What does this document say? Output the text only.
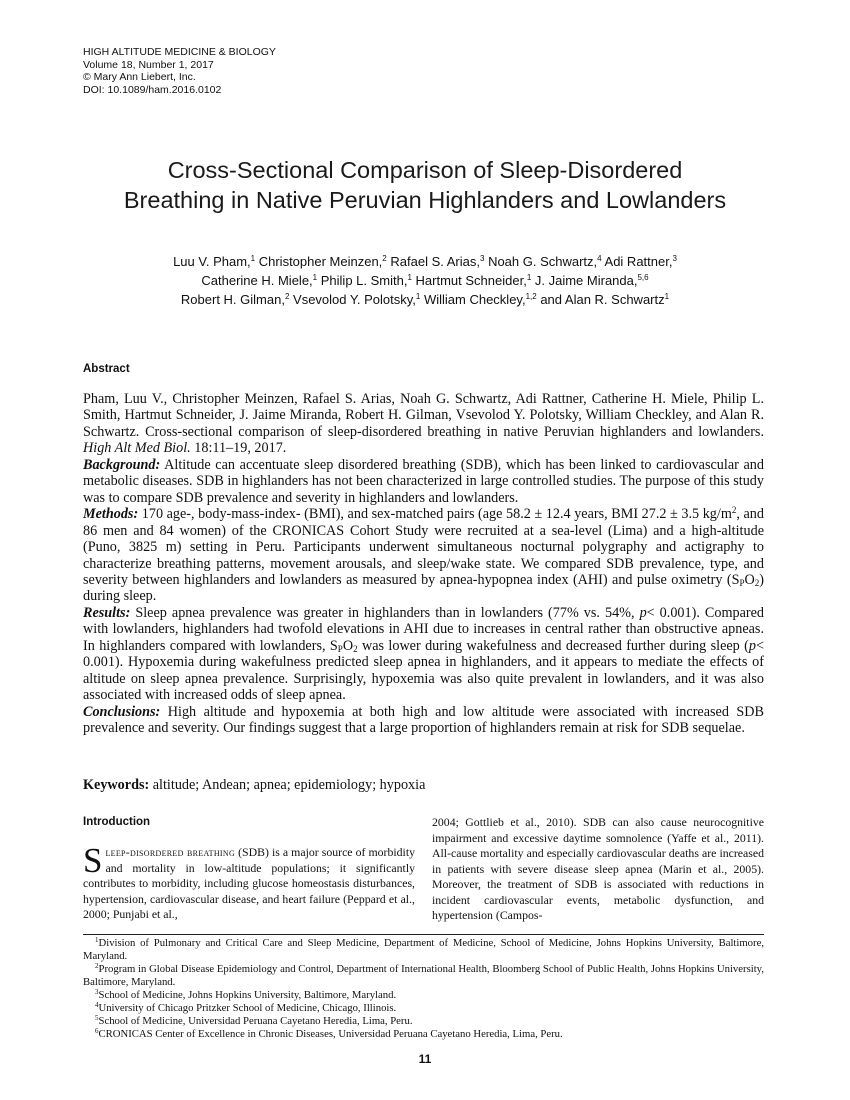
HIGH ALTITUDE MEDICINE & BIOLOGY
Volume 18, Number 1, 2017
© Mary Ann Liebert, Inc.
DOI: 10.1089/ham.2016.0102
Cross-Sectional Comparison of Sleep-Disordered
Breathing in Native Peruvian Highlanders and Lowlanders
Luu V. Pham,$^1$ Christopher Meinzen,$^2$ Rafael S. Arias,$^3$ Noah G. Schwartz,$^4$ Adi Rattner,$^3$
Catherine H. Miele,$^1$ Philip L. Smith,$^1$ Hartmut Schneider,$^1$ J. Jaime Miranda,$^{5,6}$
Robert H. Gilman,$^2$ Vsevolod Y. Polotsky,$^1$ William Checkley,$^{1,2}$ and Alan R. Schwartz$^1$
Abstract

Pham, Luu V., Christopher Meinzen, Rafael S. Arias, Noah G. Schwartz, Adi Rattner, Catherine H. Miele, Philip L. Smith, Hartmut Schneider, J. Jaime Miranda, Robert H. Gilman, Vsevolod Y. Polotsky, William Checkley, and Alan R. Schwartz. Cross-sectional comparison of sleep-disordered breathing in native Peruvian highlanders and lowlanders. High Alt Med Biol. 18:11–19, 2017.

Background: Altitude can accentuate sleep disordered breathing (SDB), which has been linked to cardiovascular and metabolic diseases. SDB in highlanders has not been characterized in large controlled studies. The purpose of this study was to compare SDB prevalence and severity in highlanders and lowlanders.

Methods: 170 age-, body-mass-index- (BMI), and sex-matched pairs (age 58.2 ± 12.4 years, BMI 27.2 ± 3.5 $kg/m^2$, and 86 men and 84 women) of the CRONICAS Cohort Study were recruited at a sea-level (Lima) and a high-altitude (Puno, 3825 m) setting in Peru. Participants underwent simultaneous nocturnal polygraphy and actigraphy to characterize breathing patterns, movement arousals, and sleep/wake state. We compared SDB prevalence, type, and severity between highlanders and lowlanders as measured by apnea-hypopnea index (AHI) and pulse oximetry $(S_PO_2)$ during sleep.

Results: Sleep apnea prevalence was greater in highlanders than in lowlanders (77% vs. 54%, p< 0.001). Compared with lowlanders, highlanders had twofold elevations in AHI due to increases in central rather than obstructive apneas. In highlanders compared with lowlanders, $S_PO_2$ was lower during wakefulness and decreased further during sleep (p< 0.001). Hypoxemia during wakefulness predicted sleep apnea in highlanders, and it appears to mediate the effects of altitude on sleep apnea prevalence. Surprisingly, hypoxemia was also quite prevalent in lowlanders, and it was also associated with increased odds of sleep apnea.

Conclusions: High altitude and hypoxemia at both high and low altitude were associated with increased SDB prevalence and severity. Our findings suggest that a large proportion of highlanders remain at risk for SDB sequelae.

Keywords: altitude; Andean; apnea; epidemiology; hypoxia
Introduction

Sleep-disordered breathing (SDB) is a major source of morbidity and mortality in low-altitude populations; it significantly contributes to morbidity, including glucose homeostasis disturbances, hypertension, cardiovascular disease, and heart failure (Peppard et al., 2000; Punjabi et al.,

2004; Gottlieb et al., 2010). SDB can also cause neurocognitive impairment and excessive daytime somnolence (Yaffe et al., 2011). All-cause mortality and especially cardiovascular deaths are increased in patients with severe disease sleep apnea (Marin et al., 2005). Moreover, the treatment of SDB is associated with reductions in incident cardiovascular events, metabolic dysfunction, and hypertension (Campos-

$^1$Division of Pulmonary and Critical Care and Sleep Medicine, Department of Medicine, School of Medicine, Johns Hopkins University, Baltimore, Maryland.
$^2$Program in Global Disease Epidemiology and Control, Department of International Health, Bloomberg School of Public Health, Johns Hopkins University, Baltimore, Maryland.
$^3$School of Medicine, Johns Hopkins University, Baltimore, Maryland.
$^4$University of Chicago Pritzker School of Medicine, Chicago, Illinois.
$^5$School of Medicine, Universidad Peruana Cayetano Heredia, Lima, Peru.
$^6$CRONICAS Center of Excellence in Chronic Diseases, Universidad Peruana Cayetano Heredia, Lima, Peru.
11
